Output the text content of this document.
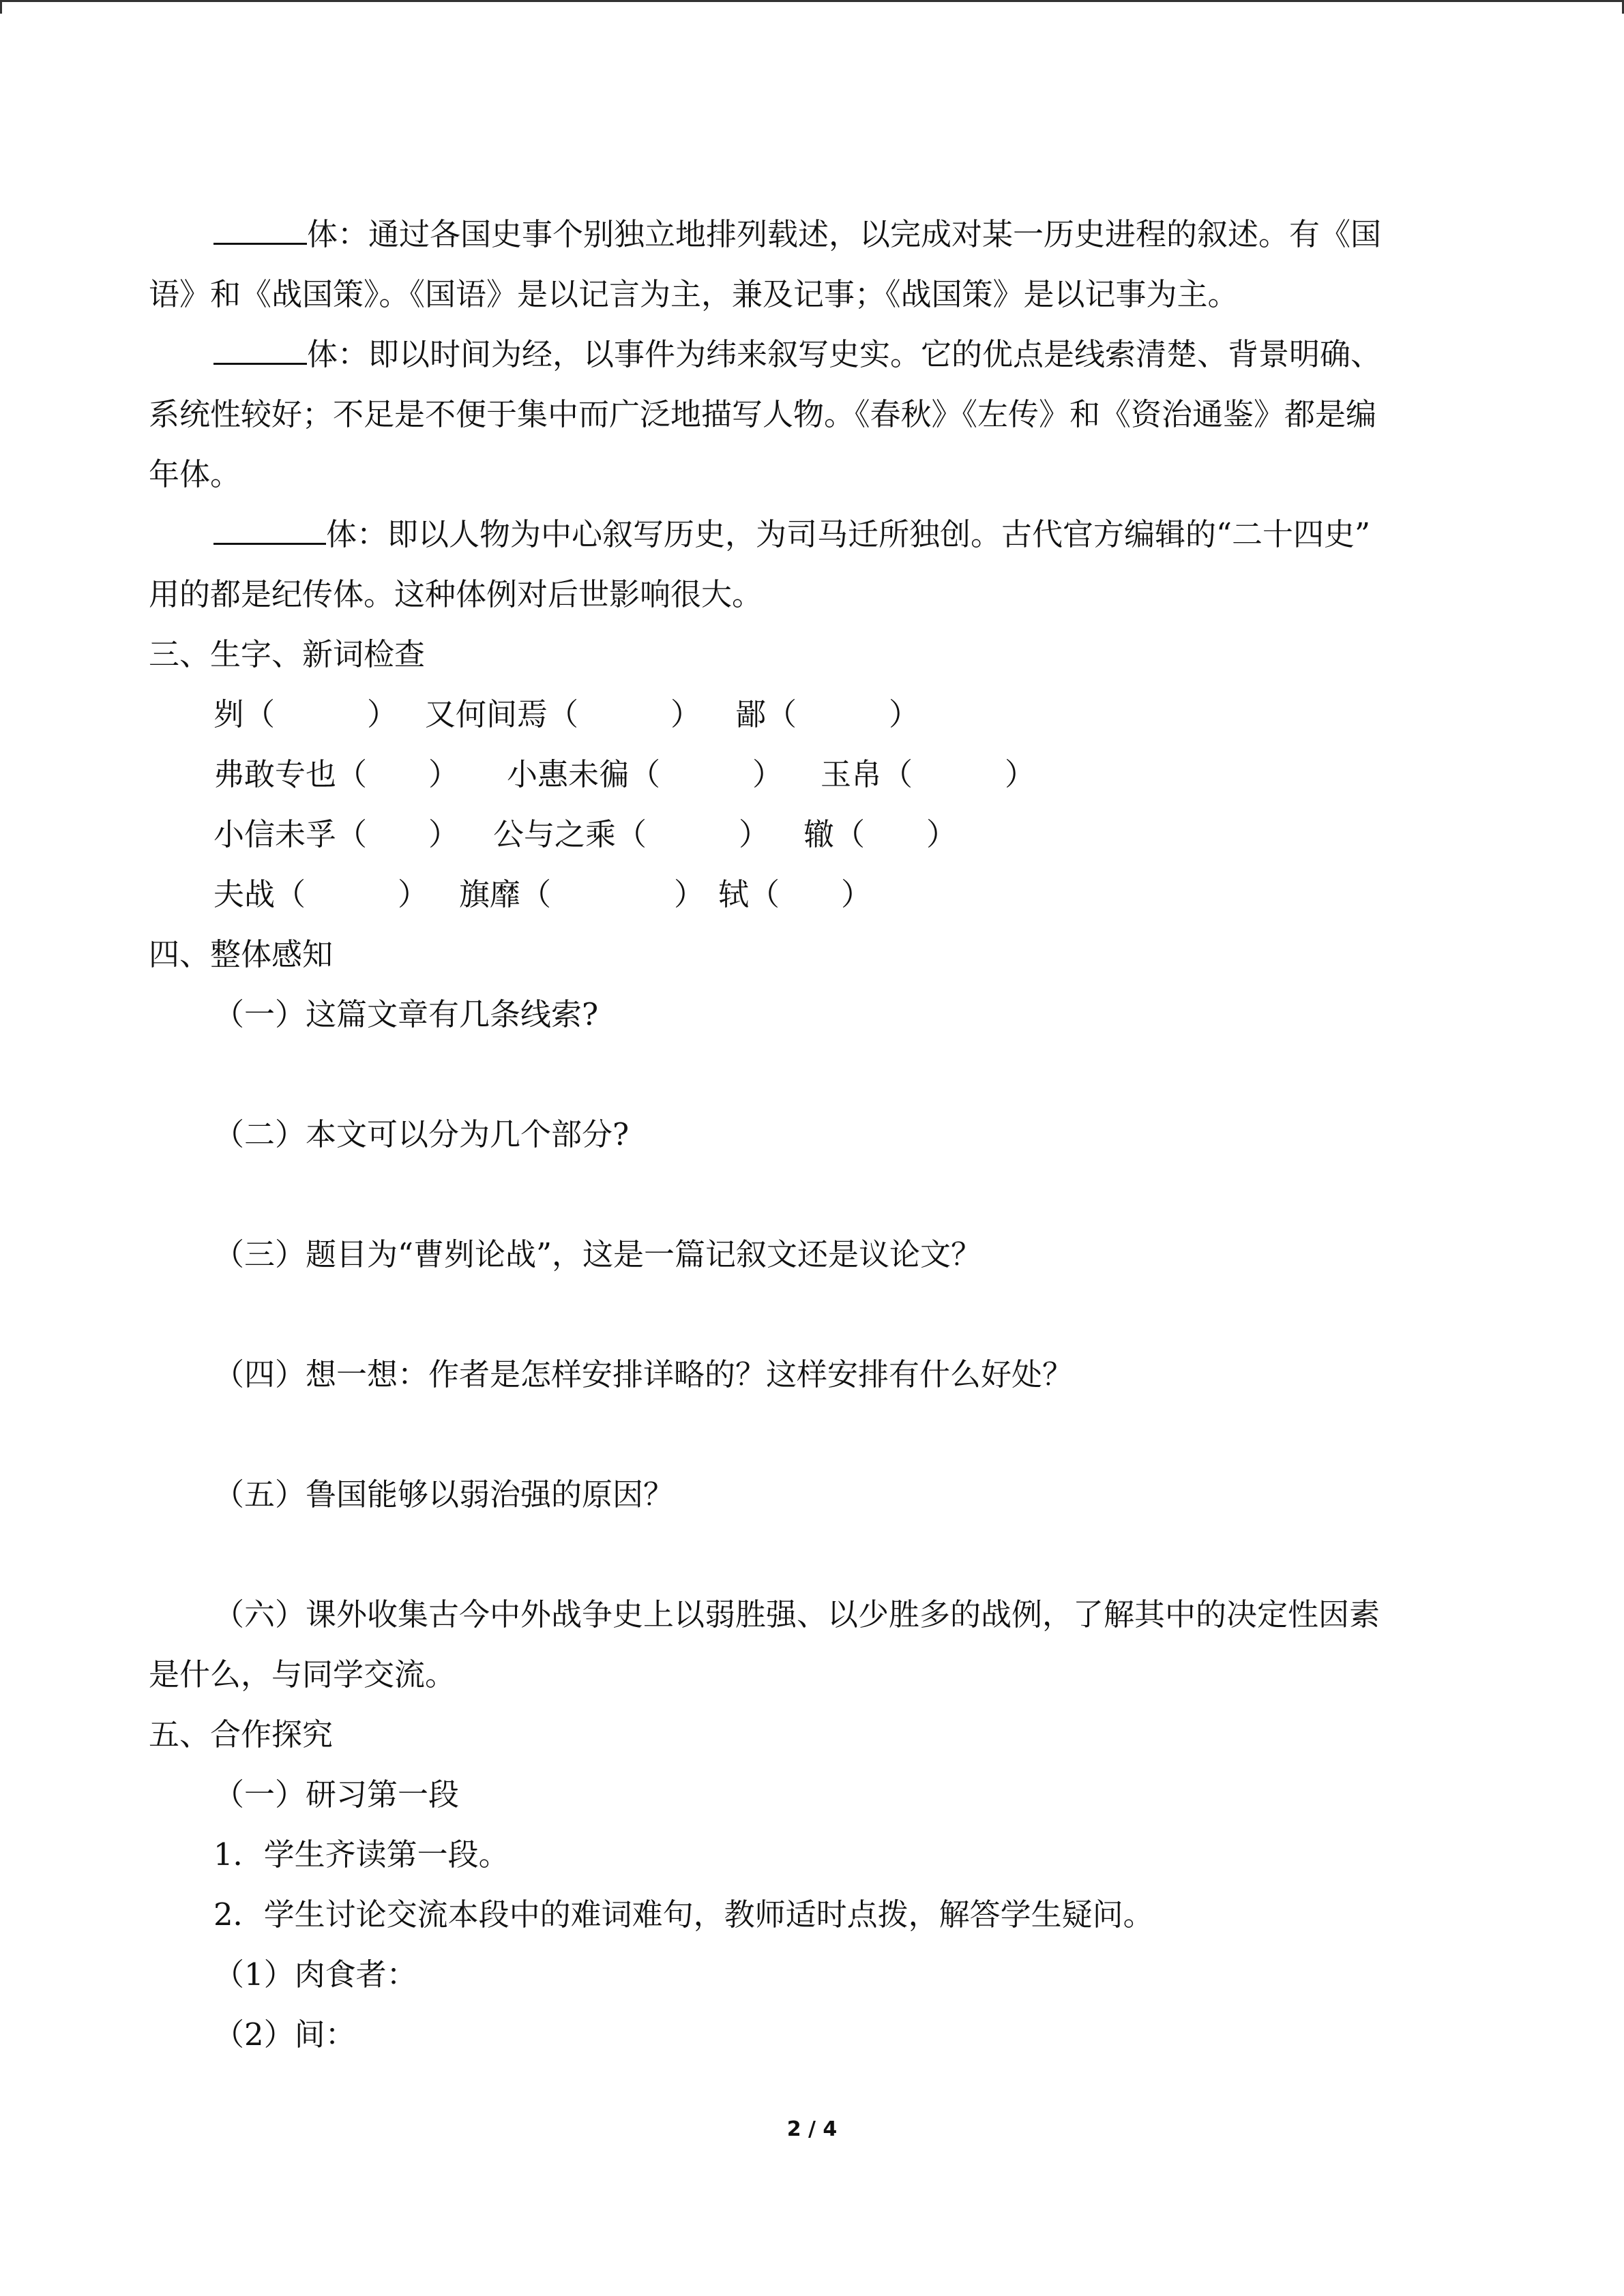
体：通过各国史事个别独立地排列载述，以完成对某一历史进程的叙述。有《国

语》和《战国策》。《国语》是以记言为主，兼及记事；《战国策》是以记事为主。

体：即以时间为经，以事件为纬来叙写史实。它的优点是线索清楚、背景明确、

系统性较好；不足是不便于集中而广泛地描写人物。《春秋》《左传》和《资治通鉴》都是编

年体。

体：即以人物为中心叙写历史，为司马迁所独创。古代官方编辑的“二十四史”

用的都是纪传体。这种体例对后世影响很大。

三、生字、新词检查

刿（　　　） 又何间焉（　　　） 鄙（　　　）

弗敢专也（　　） 小惠未徧（　　　） 玉帛（　　　）

小信未孚（　　） 公与之乘（　　　） 辙（　　）

夫战（　　　） 旗靡（　　　　） 轼（　　）

四、整体感知

（一）这篇文章有几条线索?

（二）本文可以分为几个部分?

（三）题目为“曹刿论战”，这是一篇记叙文还是议论文？

（四）想一想：作者是怎样安排详略的？这样安排有什么好处？

（五）鲁国能够以弱治强的原因？

（六）课外收集古今中外战争史上以弱胜强、以少胜多的战例，了解其中的决定性因素

是什么，与同学交流。

五、合作探究

（一）研习第一段

1．学生齐读第一段。

2．学生讨论交流本段中的难词难句，教师适时点拨，解答学生疑问。

（1）肉食者：

（2）间：

2 / 4
